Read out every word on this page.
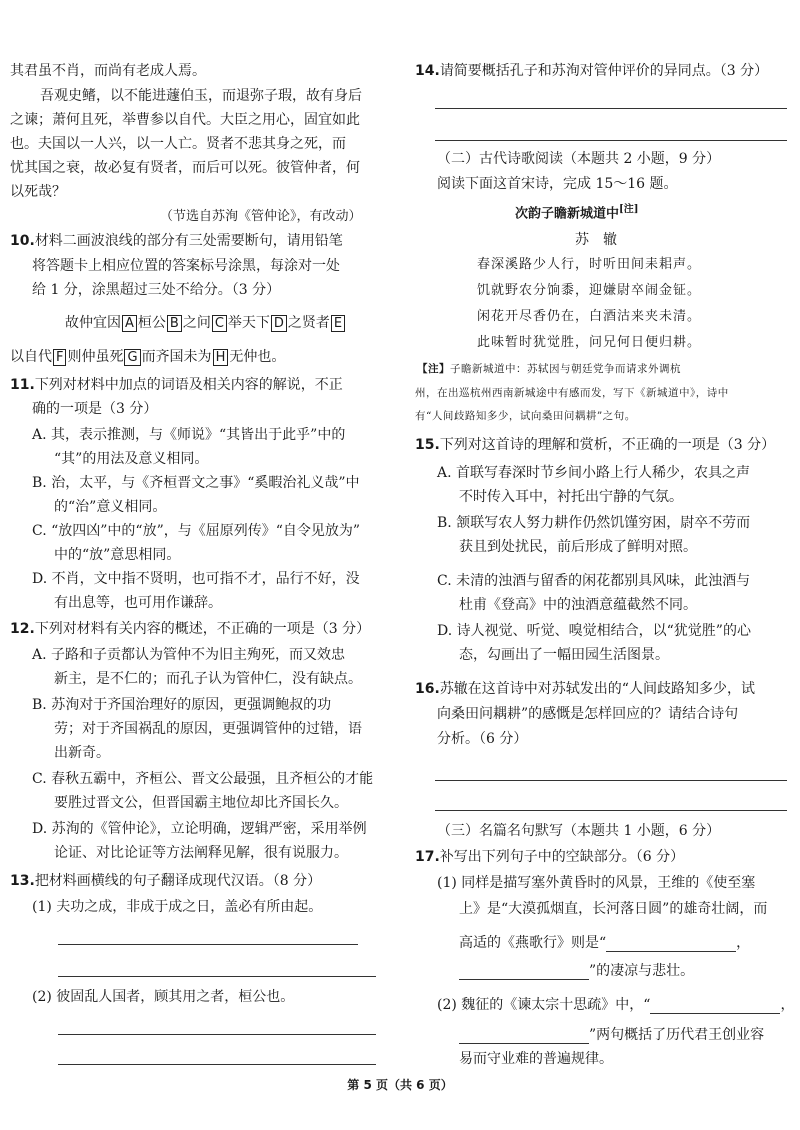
其君虽不肖，而尚有老成人焉。
吾观史鳍，以不能进蘧伯玉，而退弥子瑕，故有身后
之谏；萧何且死，举曹参以自代。大臣之用心，固宜如此
也。夫国以一人兴，以一人亡。贤者不悲其身之死，而
忧其国之衰，故必复有贤者，而后可以死。彼管仲者，何
以死哉？
（节选自苏洵《管仲论》，有改动）
10.材料二画波浪线的部分有三处需要断句，请用铅笔
将答题卡上相应位置的答案标号涂黑，每涂对一处
给 1 分，涂黑超过三处不给分。（3 分）
故仲宜因 A 桓公 B 之问 C 举天下 D 之贤者 E
以自代 F 则仲虽死 G 而齐国未为 H 无仲也。
11.下列对材料中加点的词语及相关内容的解说，不正
确的一项是（3 分）
A. 其，表示推测，与《师说》“其皆出于此乎”中的
“其”的用法及意义相同。
B. 治，太平，与《齐桓晋文之事》“奚暇治礼义哉”中
的“治”意义相同。
C. “放四凶”中的“放”，与《屈原列传》“自令见放为”
中的“放”意思相同。
D. 不肖，文中指不贤明，也可指不才，品行不好，没
有出息等，也可用作谦辞。
12.下列对材料有关内容的概述，不正确的一项是（3 分）
A. 子路和子贡都认为管仲不为旧主殉死，而又效忠
新主，是不仁的；而孔子认为管仲仁，没有缺点。
B. 苏洵对于齐国治理好的原因，更强调鲍叔的功
劳；对于齐国祸乱的原因，更强调管仲的过错，语
出新奇。
C. 春秋五霸中，齐桓公、晋文公最强，且齐桓公的才能
要胜过晋文公，但晋国霸主地位却比齐国长久。
D. 苏洵的《管仲论》，立论明确，逻辑严密，采用举例
论证、对比论证等方法阐释见解，很有说服力。
13.把材料画横线的句子翻译成现代汉语。（8 分）
(1) 夫功之成，非成于成之日，盖必有所由起。
(2) 彼固乱人国者，顾其用之者，桓公也。
14.请简要概括孔子和苏洵对管仲评价的异同点。（3 分）
（二）古代诗歌阅读（本题共 2 小题，9 分）
阅读下面这首宋诗，完成 15～16 题。
次韵子瞻新城道中[注]
苏　辙
春深溪路少人行，时听田间耒耜声。
饥就野农分饷黍，迎嫌尉卒闹金钲。
闲花开尽香仍在，白酒沽来夹未清。
此味暂时犹觉胜，问兄何日便归耕。
【注】子瞻新城道中：苏轼因与朝廷党争而请求外调杭
州，在出巡杭州西南新城途中有感而发，写下《新城道中》，诗中
有“人间歧路知多少，试向桑田问耦耕”之句。
15.下列对这首诗的理解和赏析，不正确的一项是（3 分）
A. 首联写春深时节乡间小路上行人稀少，农具之声
不时传入耳中，衬托出宁静的气氛。
B. 颔联写农人努力耕作仍然饥馑穷困，尉卒不劳而
获且到处扰民，前后形成了鲜明对照。
C. 未清的浊酒与留香的闲花都别具风味，此浊酒与
杜甫《登高》中的浊酒意蕴截然不同。
D. 诗人视觉、听觉、嗅觉相结合，以“犹觉胜”的心
态，勾画出了一幅田园生活图景。
16.苏辙在这首诗中对苏轼发出的“人间歧路知多少，试
向桑田问耦耕”的感慨是怎样回应的？请结合诗句
分析。（6 分）
（三）名篇名句默写（本题共 1 小题，6 分）
17.补写出下列句子中的空缺部分。（6 分）
(1) 同样是描写塞外黄昏时的风景，王维的《使至塞
上》是“大漠孤烟直，长河落日圆”的雄奇壮阔，而
高适的《燕歌行》则是“	，
”的凄凉与悲壮。
(2) 魏征的《谏太宗十思疏》中，“	，
”两句概括了历代君王创业容
易而守业难的普遍规律。
第 5 页（共 6 页）
